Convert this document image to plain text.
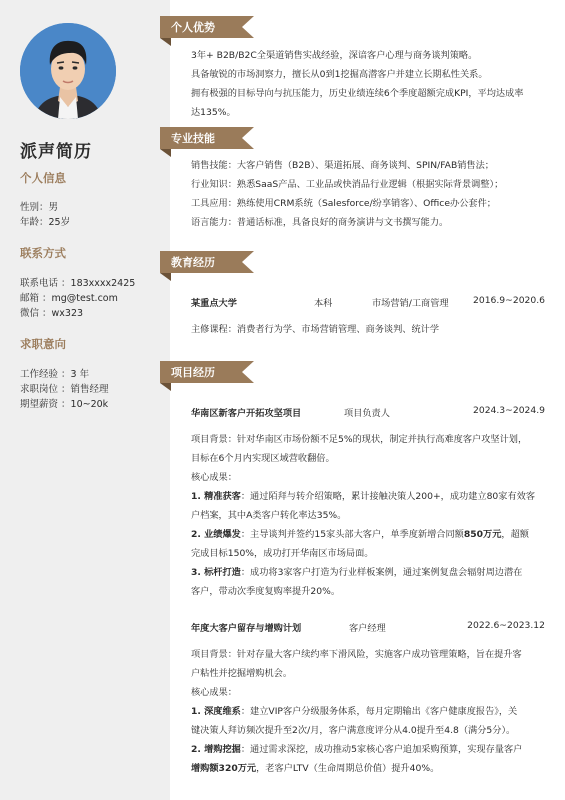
派声简历
个人信息
性别：男
年龄：25岁
联系方式
联系电话 ：183xxxx2425
邮箱 ：mg@test.com
微信 ：wx323
求职意向
工作经验 ：3 年
求职岗位 ：销售经理
期望薪资 ：10~20k
个人优势
3年+ B2B/B2C全渠道销售实战经验，深谙客户心理与商务谈判策略。
具备敏锐的市场洞察力，擅长从0到1挖掘高潜客户并建立长期私性关系。
拥有极强的目标导向与抗压能力，历史业绩连续6个季度超额完成KPI，平均达成率
达135%。
专业技能
销售技能：大客户销售（B2B）、渠道拓展、商务谈判、SPIN/FAB销售法；
行业知识：熟悉SaaS产品、工业品或快消品行业逻辑（根据实际背景调整）；
工具应用：熟练使用CRM系统（Salesforce/纷享销客）、Office办公套件；
语言能力：普通话标准，具备良好的商务演讲与文书撰写能力。
教育经历
某重点大学	本科	市场营销/工商管理	2016.9~2020.6
主修课程：消费者行为学、市场营销管理、商务谈判、统计学
项目经历
华南区新客户开拓攻坚项目	项目负责人	2024.3~2024.9
项目背景：针对华南区市场份额不足5%的现状，制定并执行高难度客户攻坚计划，
目标在6个月内实现区域营收翻倍。
核心成果：
1. 精准获客：通过陌拜与转介绍策略，累计接触决策人200+，成功建立80家有效客
户档案，其中A类客户转化率达35%。
2. 业绩爆发：主导谈判并签约15家头部大客户，单季度新增合同额850万元，超额
完成目标150%，成功打开华南区市场局面。
3. 标杆打造：成功将3家客户打造为行业样板案例，通过案例复盘会辐射周边潜在
客户，带动次季度复购率提升20%。
年度大客户留存与增购计划	客户经理	2022.6~2023.12
项目背景：针对存量大客户续约率下滑风险，实施客户成功管理策略，旨在提升客
户粘性并挖掘增购机会。
核心成果：
1. 深度维系：建立VIP客户分级服务体系，每月定期输出《客户健康度报告》，关
键决策人拜访频次提升至2次/月，客户满意度评分从4.0提升至4.8（满分5分）。
2. 增购挖掘：通过需求深挖，成功推动5家核心客户追加采购预算，实现存量客户
增购额320万元，老客户LTV（生命周期总价值）提升40%。
